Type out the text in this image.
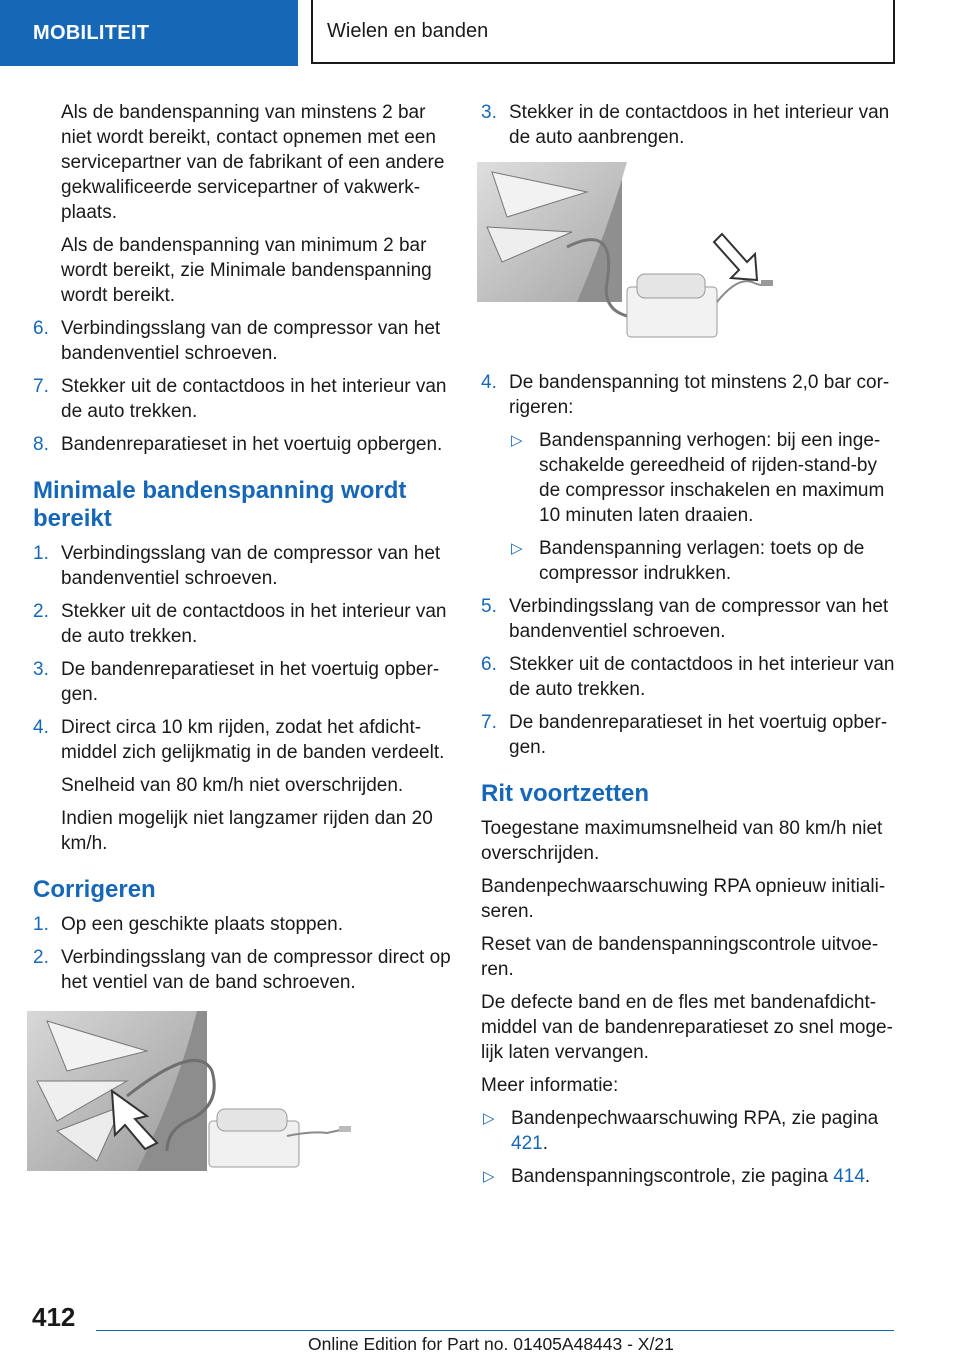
MOBILITEIT	Wielen en banden

Als de bandenspanning van minstens 2 bar niet wordt bereikt, contact opnemen met een servicepartner van de fabrikant of een andere gekwalificeerde servicepartner of vakwerkplaats.

Als de bandenspanning van minimum 2 bar wordt bereikt, zie Minimale bandenspanning wordt bereikt.

6. Verbindingsslang van de compressor van het bandenventiel schroeven.
7. Stekker uit de contactdoos in het interieur van de auto trekken.
8. Bandenreparatieset in het voertuig opbergen.
Minimale bandenspanning wordt bereikt
1. Verbindingsslang van de compressor van het bandenventiel schroeven.
2. Stekker uit de contactdoos in het interieur van de auto trekken.
3. De bandenreparatieset in het voertuig opbergen.
4. Direct circa 10 km rijden, zodat het afdichtmiddel zich gelijkmatig in de banden verdeelt.
Snelheid van 80 km/h niet overschrijden.
Indien mogelijk niet langzamer rijden dan 20 km/h.
Corrigeren
1. Op een geschikte plaats stoppen.
2. Verbindingsslang van de compressor direct op het ventiel van de band schroeven.
3. Stekker in de contactdoos in het interieur van de auto aanbrengen.
4. De bandenspanning tot minstens 2,0 bar corrigeren:
▷ Bandenspanning verhogen: bij een ingeschakelde gereedheid of rijden-stand-by de compressor inschakelen en maximum 10 minuten laten draaien.
▷ Bandenspanning verlagen: toets op de compressor indrukken.
5. Verbindingsslang van de compressor van het bandenventiel schroeven.
6. Stekker uit de contactdoos in het interieur van de auto trekken.
7. De bandenreparatieset in het voertuig opbergen.
Rit voortzetten

Toegestane maximumsnelheid van 80 km/h niet overschrijden.

Bandenpechwaarschuwing RPA opnieuw initialiseren.

Reset van de bandenspanningscontrole uitvoeren.

De defecte band en de fles met bandenafdichtmiddel van de bandenreparatieset zo snel mogelijk laten vervangen.

Meer informatie:

▷ Bandenpechwaarschuwing RPA, zie pagina 421.
▷ Bandenspanningscontrole, zie pagina 414.
412
Online Edition for Part no. 01405A48443 - X/21
